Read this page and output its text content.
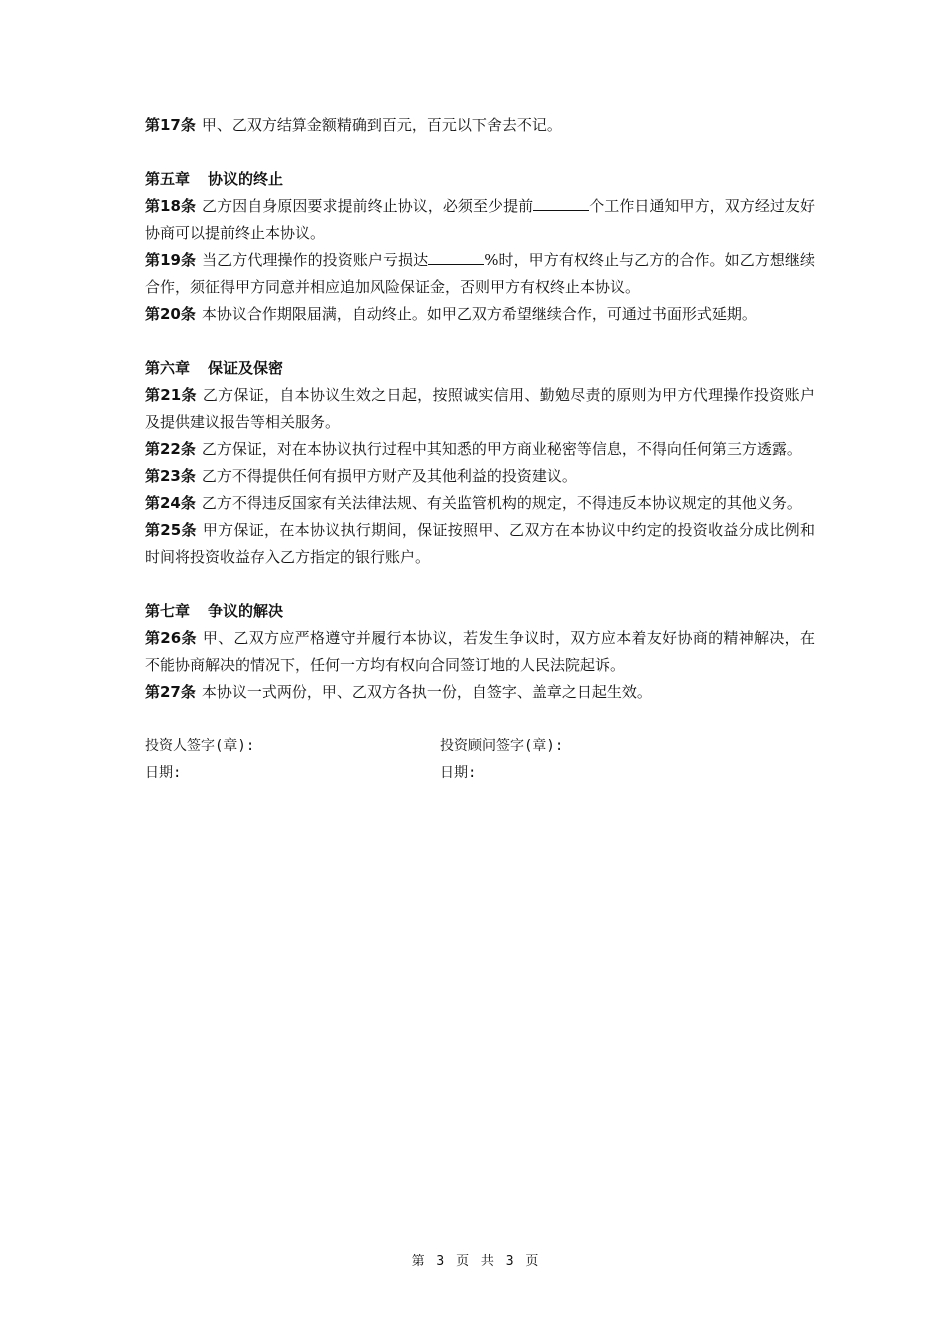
第17条 甲、乙双方结算金额精确到百元，百元以下舍去不记。

第五章 协议的终止

第18条 乙方因自身原因要求提前终止协议，必须至少提前	个工作日通知甲方，双方经过友好协商可以提前终止本协议。

第19条 当乙方代理操作的投资账户亏损达	%时，甲方有权终止与乙方的合作。如乙方想继续合作，须征得甲方同意并相应追加风险保证金，否则甲方有权终止本协议。

第20条 本协议合作期限届满，自动终止。如甲乙双方希望继续合作，可通过书面形式延期。

第六章 保证及保密

第21条 乙方保证，自本协议生效之日起，按照诚实信用、勤勉尽责的原则为甲方代理操作投资账户及提供建议报告等相关服务。

第22条 乙方保证，对在本协议执行过程中其知悉的甲方商业秘密等信息，不得向任何第三方透露。

第23条 乙方不得提供任何有损甲方财产及其他利益的投资建议。

第24条 乙方不得违反国家有关法律法规、有关监管机构的规定，不得违反本协议规定的其他义务。

第25条 甲方保证，在本协议执行期间，保证按照甲、乙双方在本协议中约定的投资收益分成比例和时间将投资收益存入乙方指定的银行账户。

第七章 争议的解决

第26条 甲、乙双方应严格遵守并履行本协议，若发生争议时，双方应本着友好协商的精神解决，在不能协商解决的情况下，任何一方均有权向合同签订地的人民法院起诉。

第27条 本协议一式两份，甲、乙双方各执一份，自签字、盖章之日起生效。

投资人签字(章):	投资顾问签字(章):
日期:	日期:
第 3 页 共 3 页
